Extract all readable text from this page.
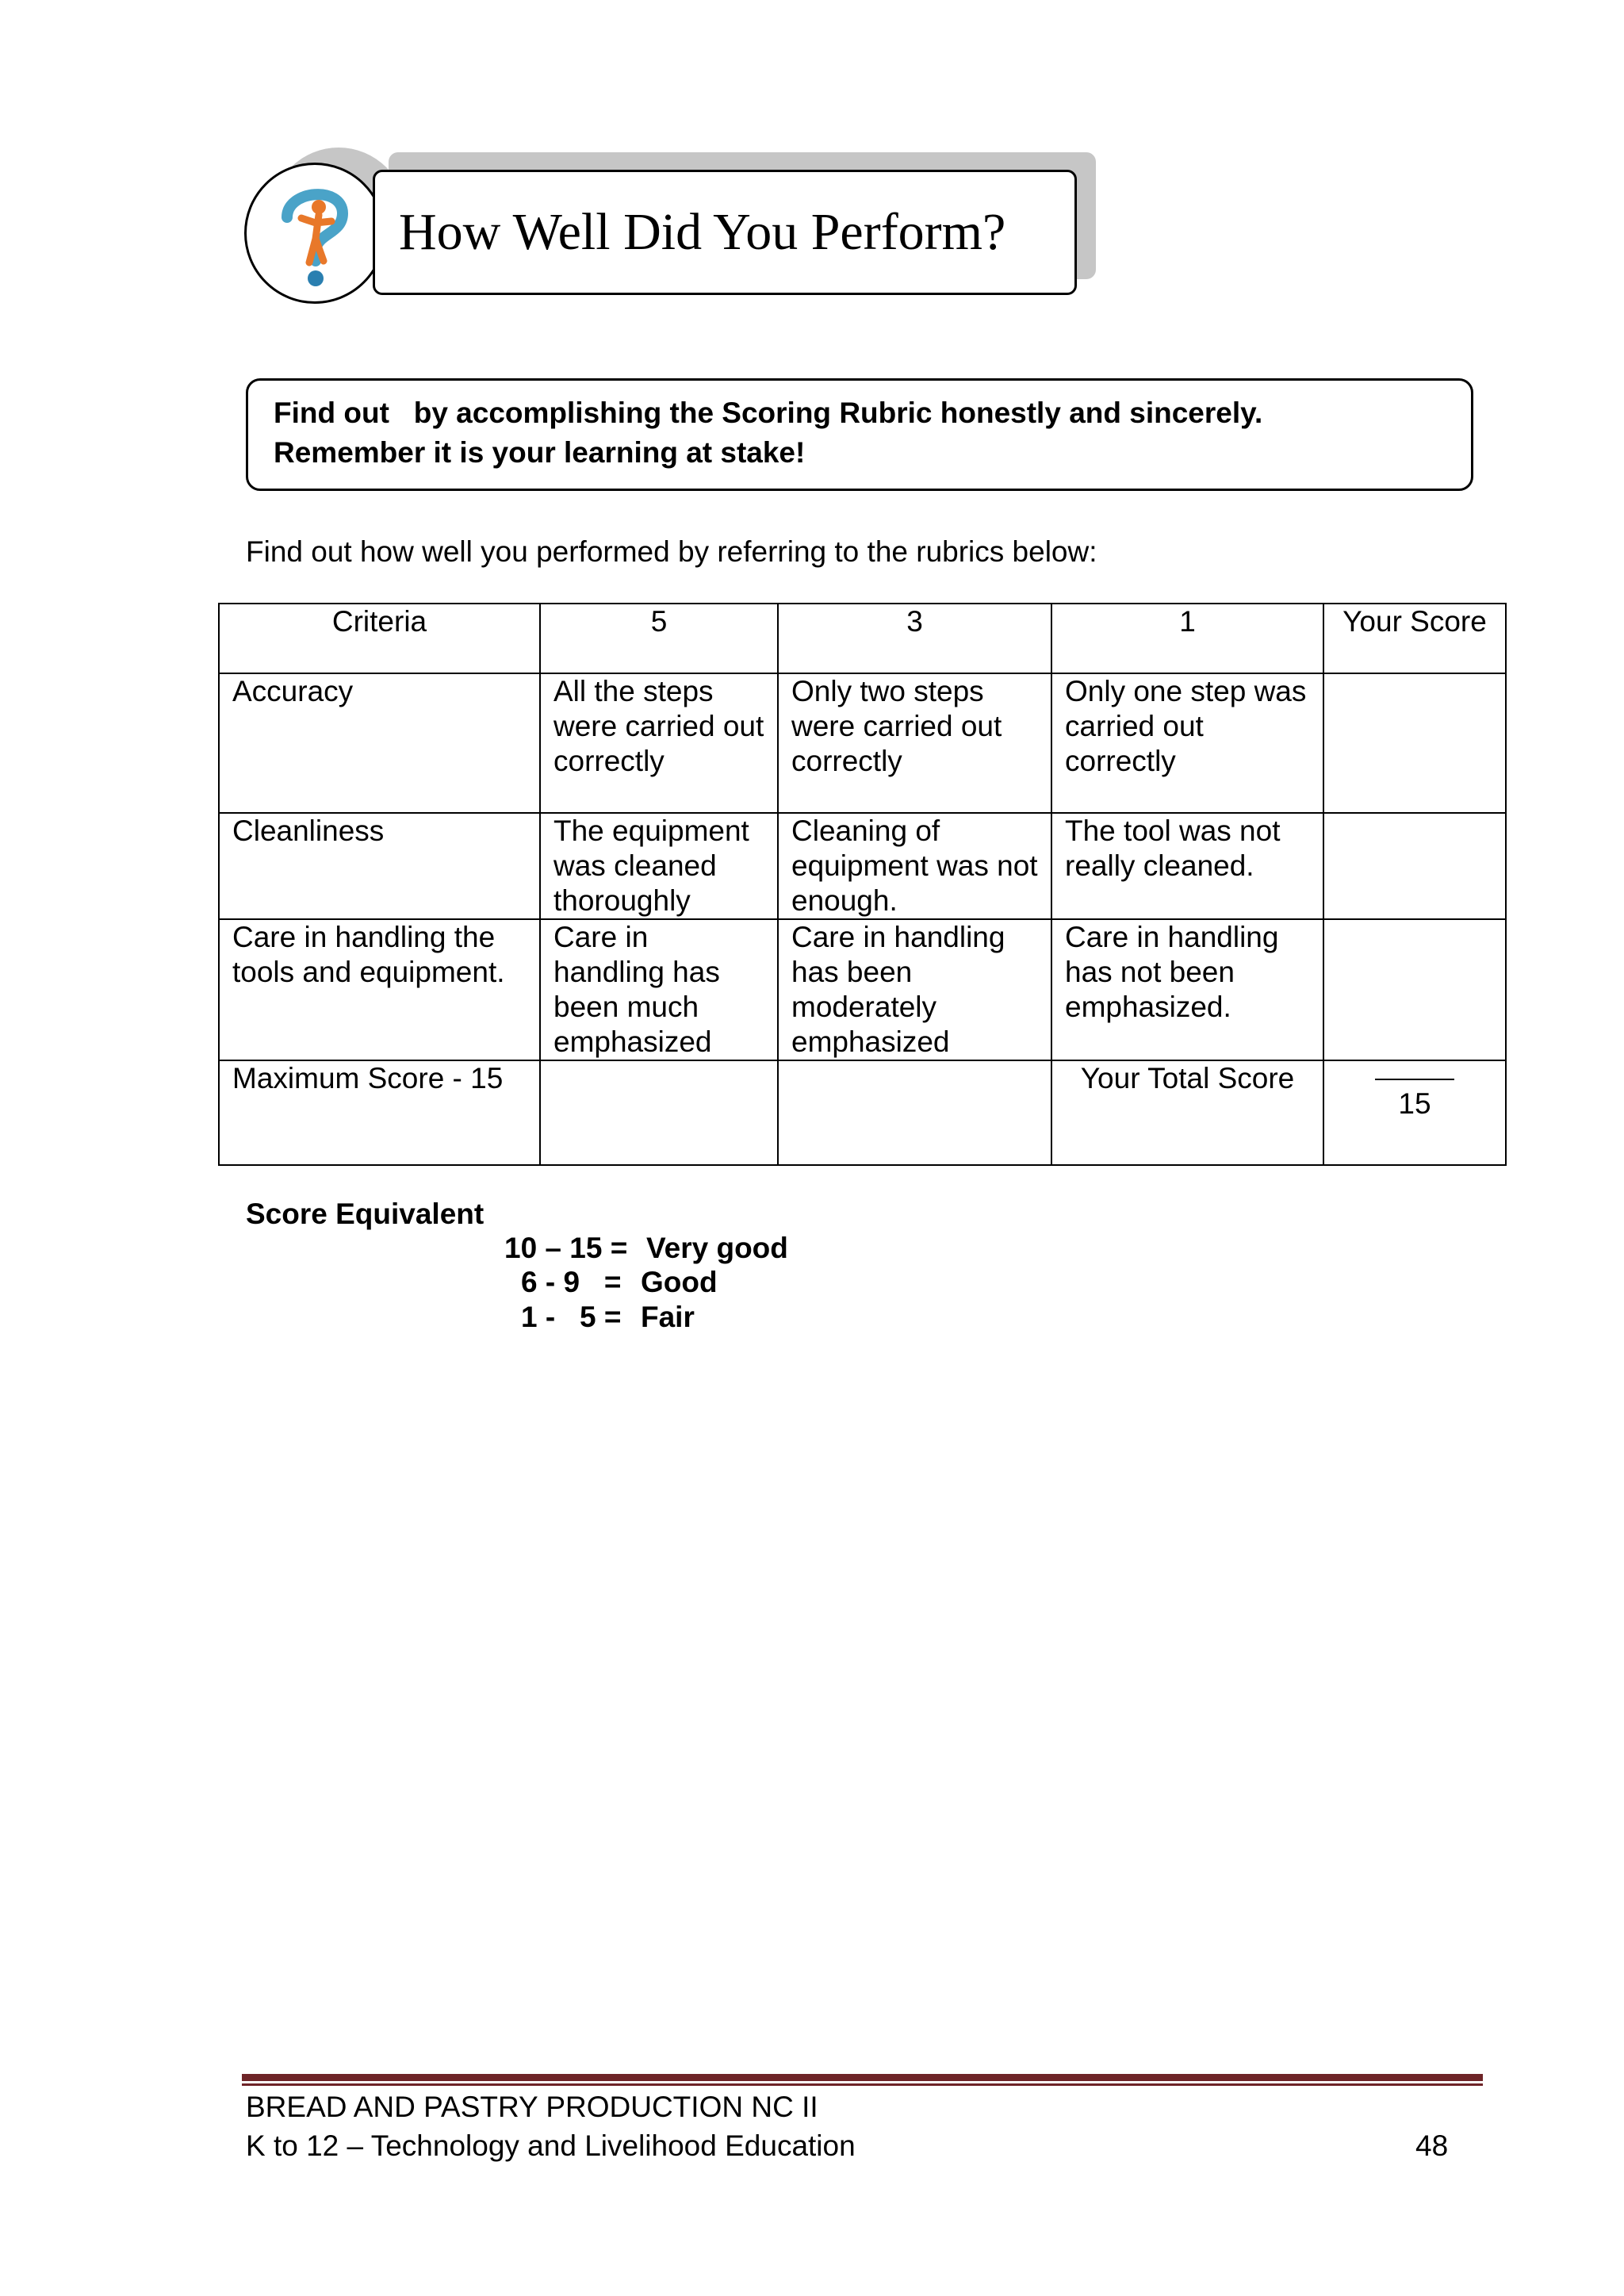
How Well Did You Perform?
Find out   by accomplishing the Scoring Rubric honestly and sincerely.
Remember it is your learning at stake!
Find out how well you performed by referring to the rubrics below:
Criteria	5	3	1	Your Score
Accuracy	All the steps were carried out correctly	Only two steps were carried out correctly	Only one step was carried out correctly	
Cleanliness	The equipment was cleaned thoroughly	Cleaning of equipment was not enough.	The tool was not really cleaned.	
Care in handling the tools and equipment.	Care in handling has been much emphasized	Care in handling has been moderately emphasized	Care in handling has not been emphasized.	
Maximum Score - 15			Your Total Score	15
Score Equivalent
10 – 15 = Very good
6 - 9   = Good
1 -   5 = Fair
BREAD AND PASTRY PRODUCTION NC II
K to 12 – Technology and Livelihood Education	48
